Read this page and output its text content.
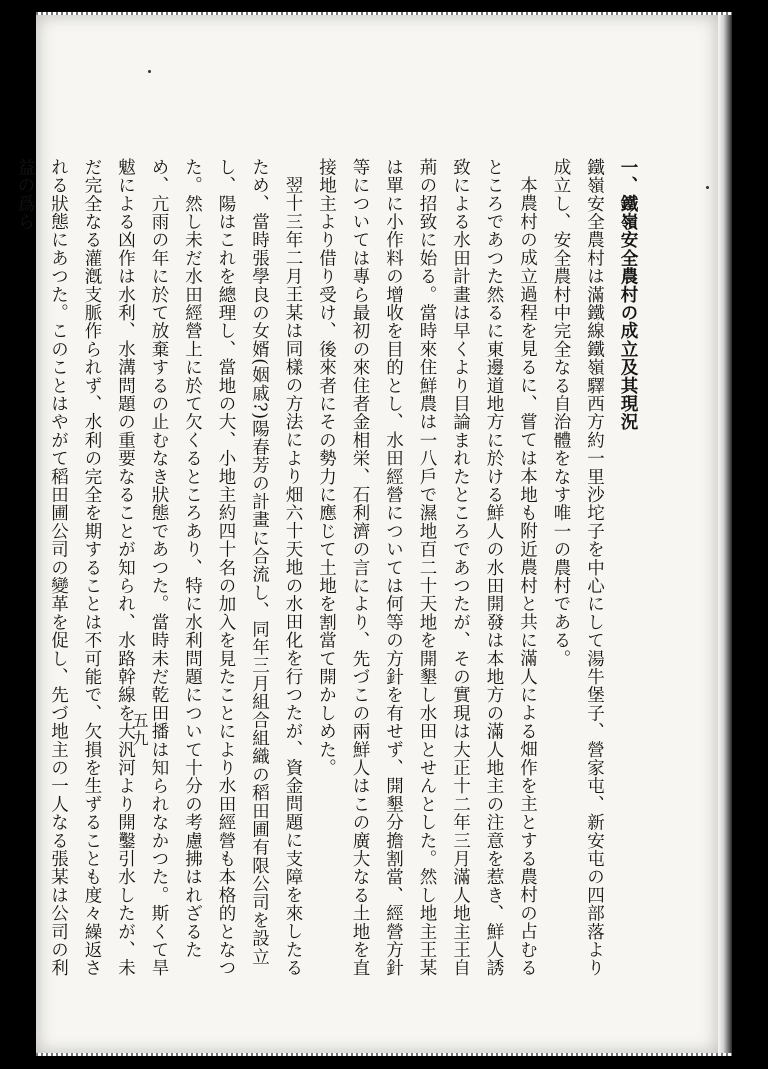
一、鐵嶺安全農村の成立及其現況
鐵嶺安全農村は滿鐵線鐵嶺驛西方約一里沙坨子を中心にして湯牛堡子、營家屯、新安屯の四部落より成立し、安全農村中完全なる自治體をなす唯一の農村である。
本農村の成立過程を見るに、嘗ては本地も附近農村と共に滿人による畑作を主とする農村の占むるところであつた然るに東邊道地方に於ける鮮人の水田開發は本地方の滿人地主の注意を惹き、鮮人誘致による水田計畫は早くより目論まれたところであつたが、その實現は大正十二年三月滿人地主王自荊の招致に始る。當時來住鮮農は一八戶で濕地百二十天地を開墾し水田とせんとした。然し地主王某は單に小作料の增收を目的とし、水田經營については何等の方針を有せず、開墾分擔割當、經營方針等については專ら最初の來住者金相栄、石利濟の言により、先づこの兩鮮人はこの廣大なる土地を直接地主より借り受け、後來者にその勢力に應じて土地を割當て開かしめた。
翌十三年二月王某は同樣の方法により畑六十天地の水田化を行つたが、資金問題に支障を來したるため、當時張學良の女婿(姻戚?)陽春芳の計畫に合流し、同年三月組合組織の稻田圃有限公司を設立し、陽はこれを總理し、當地の大、小地主約四十名の加入を見たことにより水田經營も本格的となつた。然し未だ水田經營上に於て欠くるところあり、特に水利問題について十分の考慮拂はれざるため、亢雨の年に於て放棄するの止むなき狀態であつた。當時未だ乾田播は知られなかつた。斯くて旱魃による凶作は水利、水溝問題の重要なることが知られ、水路幹線を大汎河より開鑿引水したが、未だ完全なる灌漑支脈作られず、水利の完全を期することは不可能で、欠損を生ずることも度々繰返される狀態にあつた。このことはやがて稻田圃公司の變革を促し、先づ地主の一人なる張某は公司の利益の爲ら
五九
